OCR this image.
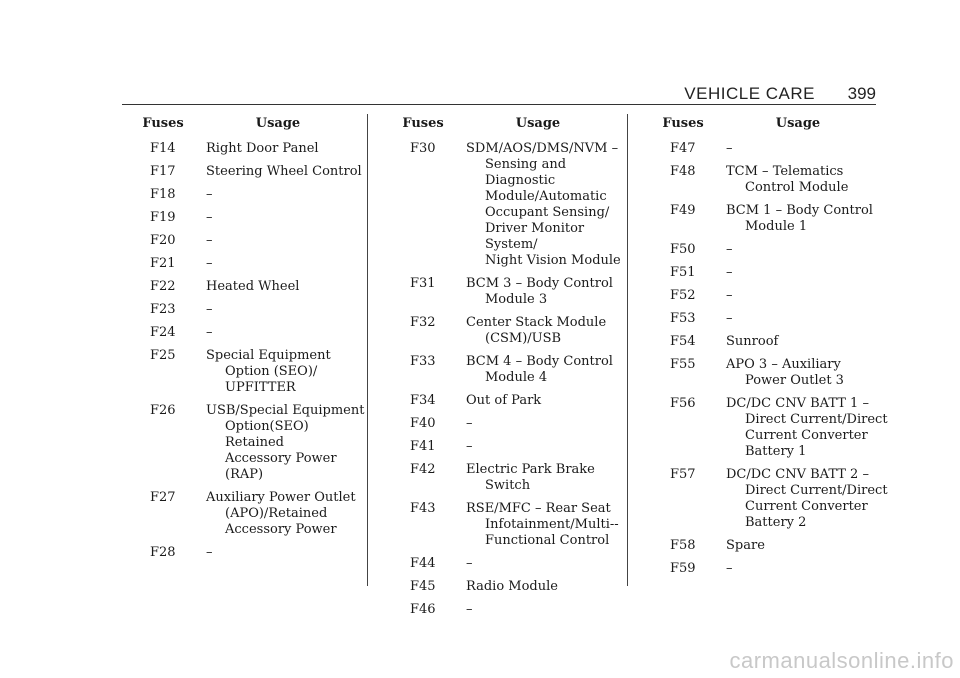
VEHICLE CARE	399
Fuses	Usage
F14	Right Door Panel
F17	Steering Wheel Control
F18	–
F19	–
F20	–
F21	–
F22	Heated Wheel
F23	–
F24	–
F25	Special Equipment
Option (SEO)/
UPFITTER
F26	USB/Special Equipment
Option(SEO) Retained
Accessory Power (RAP)
F27	Auxiliary Power Outlet
(APO)/Retained
Accessory Power
F28	–
Fuses	Usage
F30	SDM/AOS/DMS/NVM –
Sensing and Diagnostic
Module/Automatic
Occupant Sensing/
Driver Monitor System/
Night Vision Module
F31	BCM 3 – Body Control
Module 3
F32	Center Stack Module
(CSM)/USB
F33	BCM 4 – Body Control
Module 4
F34	Out of Park
F40	–
F41	–
F42	Electric Park Brake
Switch
F43	RSE/MFC – Rear Seat
Infotainment/Multi‐‐
Functional Control
F44	–
F45	Radio Module
F46	–
Fuses	Usage
F47	–
F48	TCM – Telematics
Control Module
F49	BCM 1 – Body Control
Module 1
F50	–
F51	–
F52	–
F53	–
F54	Sunroof
F55	APO 3 – Auxiliary
Power Outlet 3
F56	DC/DC CNV BATT 1 –
Direct Current/Direct
Current Converter
Battery 1
F57	DC/DC CNV BATT 2 –
Direct Current/Direct
Current Converter
Battery 2
F58	Spare
F59	–
carmanualsonline.info
